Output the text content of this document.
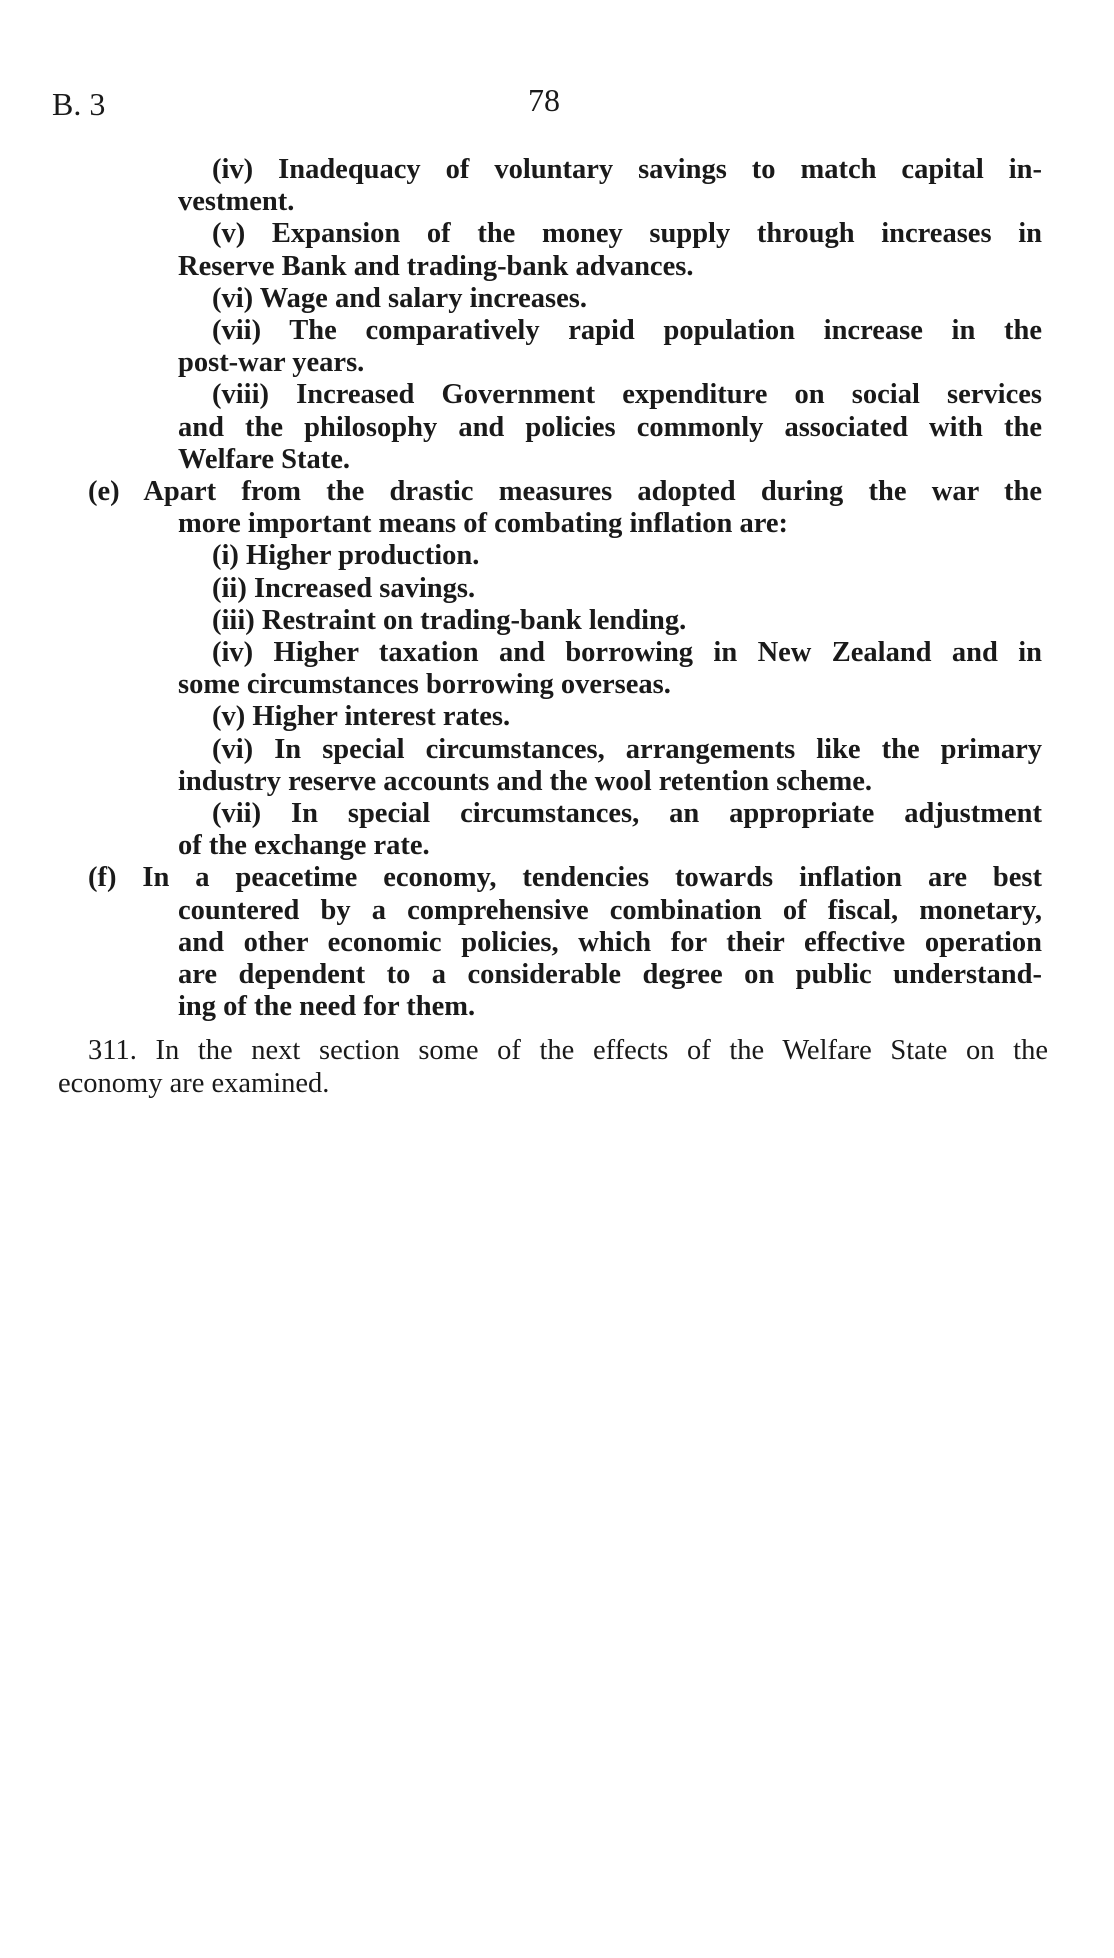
B. 3	78
(iv) Inadequacy of voluntary savings to match capital in-
vestment.
(v) Expansion of the money supply through increases in
Reserve Bank and trading-bank advances.
(vi) Wage and salary increases.
(vii) The comparatively rapid population increase in the
post-war years.
(viii) Increased Government expenditure on social services
and the philosophy and policies commonly associated with the
Welfare State.
(e) Apart from the drastic measures adopted during the war the
more important means of combating inflation are:
(i) Higher production.
(ii) Increased savings.
(iii) Restraint on trading-bank lending.
(iv) Higher taxation and borrowing in New Zealand and in
some circumstances borrowing overseas.
(v) Higher interest rates.
(vi) In special circumstances, arrangements like the primary
industry reserve accounts and the wool retention scheme.
(vii) In special circumstances, an appropriate adjustment
of the exchange rate.
(f) In a peacetime economy, tendencies towards inflation are best
countered by a comprehensive combination of fiscal, monetary,
and other economic policies, which for their effective operation
are dependent to a considerable degree on public understand-
ing of the need for them.
311. In the next section some of the effects of the Welfare State on the
economy are examined.
